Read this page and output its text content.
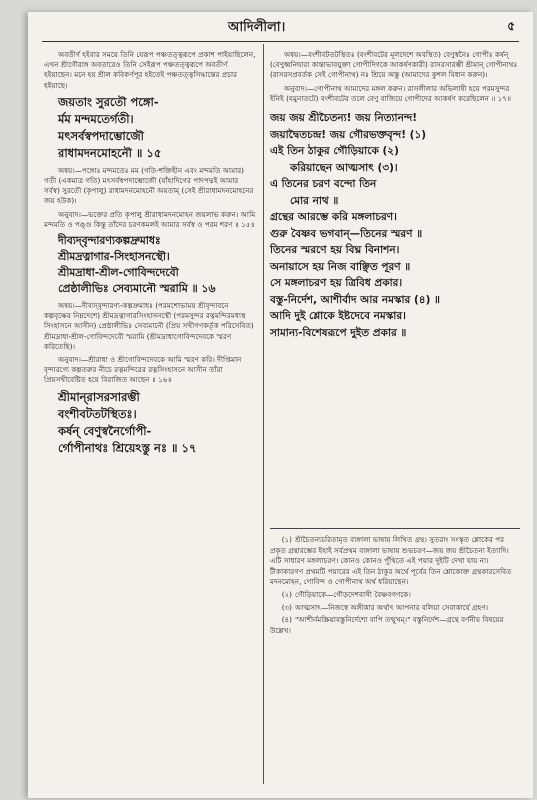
আদিলীলা।	৫

অবতীর্ণ হইবার সময়ে তিনি যেরূপ পঞ্চতত্ত্বরূপে প্রকাশ পাইয়াছিলেন, এখন শ্রীগৌরাঙ্গ অবতারেও তিনি সেইরূপ পঞ্চতত্ত্বরূপে অবতীর্ণ হইয়াছেন। মনে হয় শ্রীল কবিকর্ণপূর হইতেই পঞ্চতত্ত্বসিদ্ধান্তের প্রচার হইয়াছে।

জয়তাং সুরতৌ পঙ্গো-
র্মম মন্দমতের্গতী।
মৎসর্বস্বপদাম্ভোজৌ
রাধামদনমোহনৌ ॥ ১৫

অন্বয়।—পঙ্গোঃ মন্দমতেঃ মম (গতি-শক্তিহীন এবং মন্দমতি আমার) গতী (একমাত্র গতি) মৎসর্বস্বপদাম্ভোজৌ (যাঁহাদিগের পাদপদ্মই আমার সর্বস্ব) সুরতৌ (কৃপালু) রাধামদনমোহনৌ অয়তাম্ (সেই শ্রীরাধামদনমোহনের জয় হউক)।

অনুবাদ।—ভক্তের প্রতি কৃপালু শ্রীরাধামদনমোহন জয়লাভ করুন। আমি মন্দমতি ও পঙ্গু কিন্তু তাঁদের চরণকমলই আমার সর্বস্ব ও পরম শরণ ॥ ১৫॥

দীব্যদ্‌বৃন্দারণ্যকল্পদ্রুমাধঃ
শ্রীমদ্রত্নাগার-সিংহাসনস্থৌ।
শ্রীমদ্রাধা-শ্রীল-গোবিন্দদেবৌ
প্রেষ্ঠালীভিঃ সেব্যমানৌ স্মরামি ॥ ১৬

অন্বয়।—দীব্যদ্‌বৃন্দারণ্য-কল্পদ্রুমাধঃ (পরমশোভাময় শ্রীবৃন্দাবনে কল্পবৃক্ষের নিম্নদেশে) শ্রীমদ্রত্নাগারসিংহাসনস্থৌ (পরমসুন্দর রত্নমন্দিরমধ্যস্থ সিংহাসনে আসীন) প্রেষ্ঠালীভিঃ সেব্যমানৌ (প্রিয় সখীগণকর্তৃক পরিসেবিত) শ্রীমদ্রাধা-শ্রীল-গোবিন্দদেবৌ স্মরামি (শ্রীমদ্রাধাগোবিন্দদেবকে স্মরণ করিতেছি)।

অনুবাদ।—শ্রীরাধা ও শ্রীগোবিন্দদেবকে আমি স্মরণ করি। দীপ্তিমান বৃন্দারণ্যে কল্পতরুর নীচে রত্নমন্দিরের রত্নসিংহাসনে আসীন তাঁরা প্রিয়সখীবেষ্টিত হয়ে বিরাজিত আছেন ॥ ১৬॥

শ্রীমান্‌রাসরসারম্ভী
বংশীবটতটস্থিতঃ।
কর্ষন্‌ বেণুস্বনৈর্গোপী-
র্গোপীনাথঃ শ্রিয়েঽস্তু নঃ ॥ ১৭

অন্বয়।—বংশীবটতটস্থিতঃ (বংশীবটের মূলদেশে অবস্থিত) বেণুস্বনৈঃ গোপীঃ কর্ষন্‌ (বেণুধ্বনিদ্বারা কান্তাভাবযুক্তা গোপীদিগকে আকর্ষণকারী) রাসরসারম্ভী শ্রীমান্‌ গোপীনাথঃ (রাসরসপ্রবর্তক সেই গোপীনাথ) নঃ শ্রিয়ে অস্তু (আমাদের কুশল বিধান করুন)।

অনুবাদ।—গোপীনাথ আমাদের মঙ্গল করুন। রাসলীলার অভিলাষী হয়ে পরমসুন্দর ইনিই (যমুনাতটে) বংশীবটের তলে বেণু বাজিয়ে গোপীদের আকর্ষণ করেছিলেন ॥ ১৭॥

জয় জয় শ্রীচৈতন্য! জয় নিত্যানন্দ!
জয়াদ্বৈতচন্দ্র! জয় গৌরভক্তবৃন্দ! (১)
এই তিন ঠাকুর গৌড়িয়াকে (২)
করিয়াছেন আত্মসাৎ (৩)।
এ তিনের চরণ বন্দো তিন
মোর নাথ ॥
গ্রন্থের আরম্ভে করি মঙ্গলাচরণ।
গুরু বৈষ্ণব ভগবান্‌—তিনের স্মরণ ॥
তিনের স্মরণে হয় বিঘ্ন বিনাশন।
অনায়াসে হয় নিজ বাঞ্ছিত পূরণ ॥
সে মঙ্গলাচরণ হয় ত্রিবিধ প্রকার।
বস্তু-নির্দেশ, আশীর্বাদ আর নমস্কার (৪) ॥
আদি দুই শ্লোকে ইষ্টদেবে নমস্কার।
সামান্য-বিশেষরূপে দুইত প্রকার ॥

(১) শ্রীচৈতন্যচরিতামৃত বাঙ্গালা ভাষায় লিখিত গ্রন্থ। সুতরাং সংস্কৃত শ্লোকের পর প্রকৃত গ্রন্থারম্ভের ইহাই সর্বপ্রথম বাঙ্গালা ভাষায় শুভচরণ—জয় জয় শ্রীচৈতন্য ইত্যাদি। এটি সাধারণ মঙ্গলাচরণ। কোনও কোনও পুঁথিতে এই পয়ার দুইটি দেখা যায় না। টীকাকারগণ প্রথমটি পয়ারের এই তিন ঠাকুর অর্থে পূর্বের তিন শ্লোকোক্ত গ্রন্থকারসেবিত মদনমোহন, গোবিন্দ ও গোপীনাথ অর্থ ধরিয়াছেন।

(২) গৌড়িয়াকে—গৌড়দেশবাসী বৈষ্ণবগণকে।

(৩) আত্মসাৎ—নিজস্বে অঙ্গীকার অর্থাৎ আপনার বলিয়া সেবাকার্যে গ্রহণ।

(৪) "আশীর্নমস্ক্রিয়াবস্তুনির্দেশো বাপি তন্মুখম্‌।" বস্তুনির্দেশ—গ্রন্থে বর্ণনীয় বিষয়ের উল্লেখ।
